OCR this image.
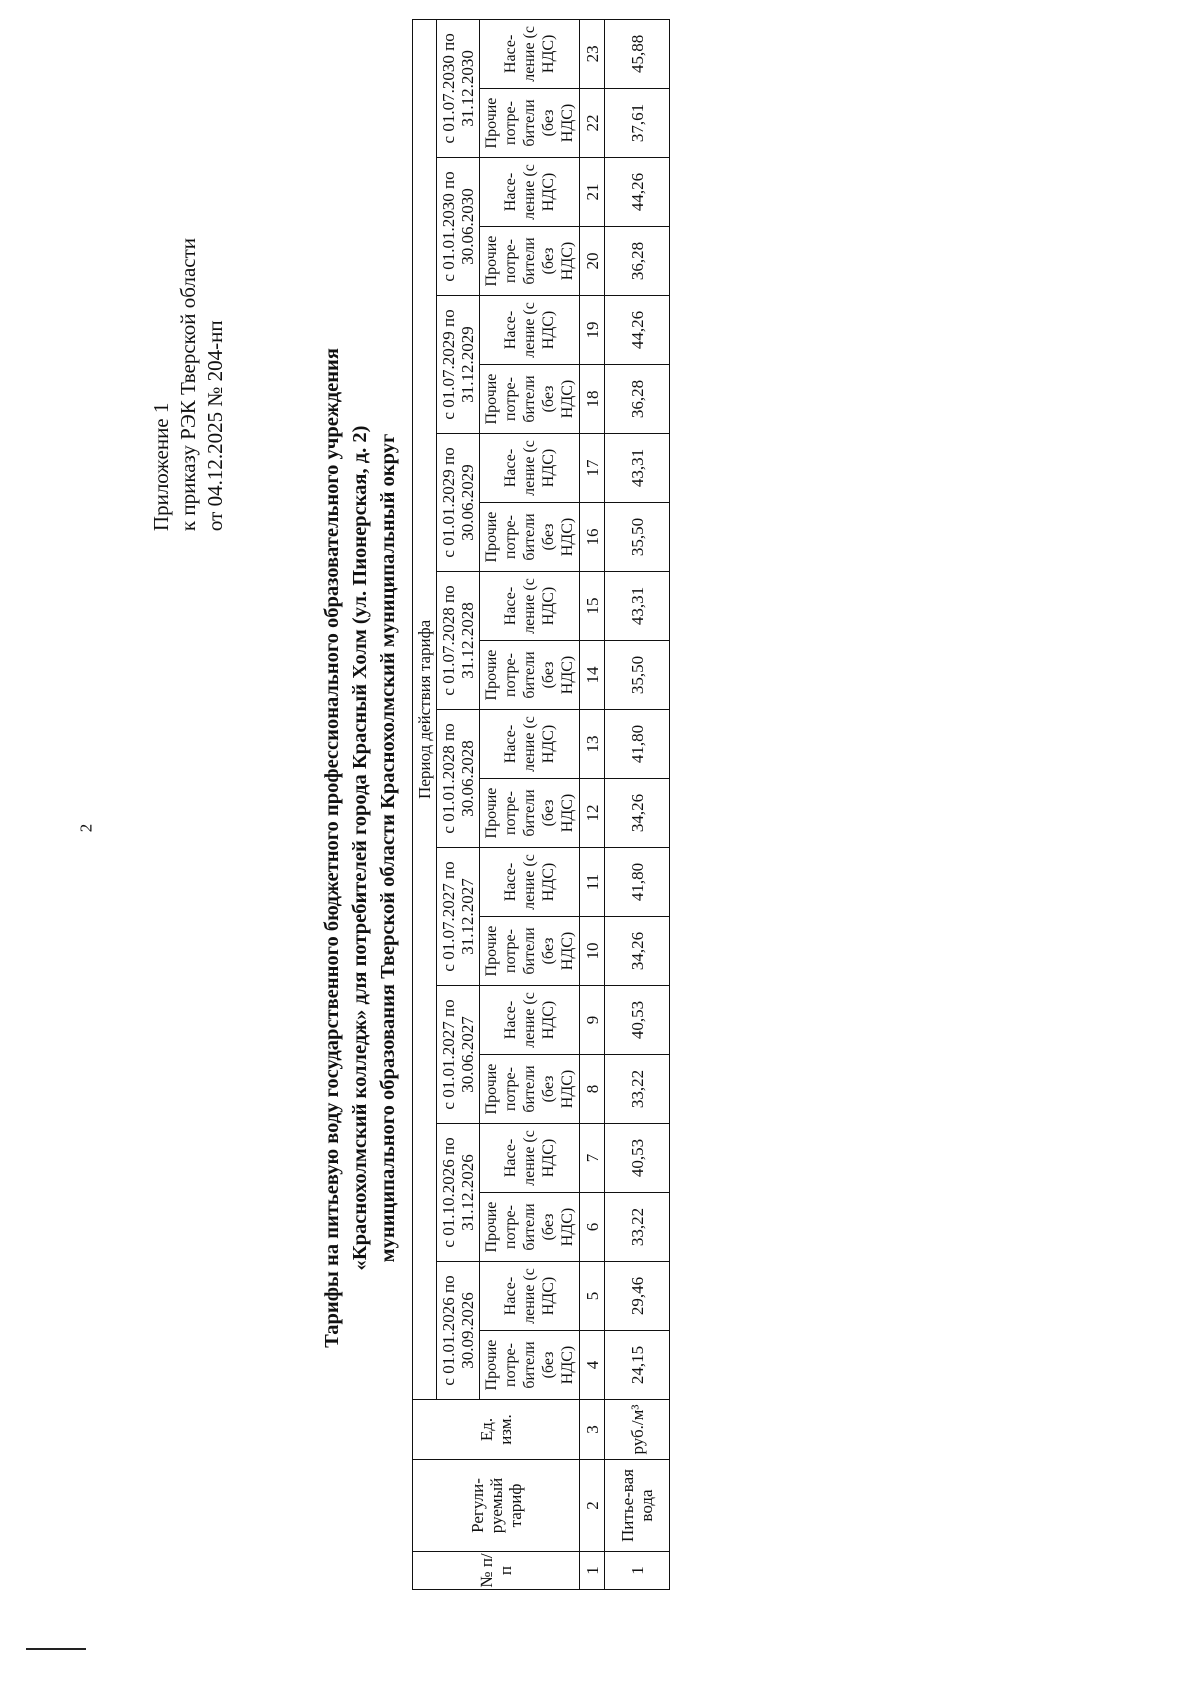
2
Приложение 1 к приказу РЭК Тверской области от 04.12.2025 № 204-нп	Тарифы на питьевую воду государственного бюджетного профессионального образовательного учреждения «Краснохолмский колледж» для потребителей города Красный Холм (ул. Пионерская, д. 2) муниципального образования Тверской области Краснохолмский муниципальный округ
№ п/п	Регули-руемый тариф	Ед. изм.	Период действия тарифа																			
			с 01.01.2026 по 30.09.2026		с 01.10.2026 по 31.12.2026		с 01.01.2027 по 30.06.2027		с 01.07.2027 по 31.12.2027		с 01.01.2028 по 30.06.2028		с 01.07.2028 по 31.12.2028		с 01.01.2029 по 30.06.2029		с 01.07.2029 по 31.12.2029		с 01.01.2030 по 30.06.2030		с 01.07.2030 по 31.12.2030	
			Прочие потре-бители (без НДС)	Насе-ление (с НДС)	Прочие потре-бители (без НДС)	Насе-ление (с НДС)	Прочие потре-бители (без НДС)	Насе-ление (с НДС)	Прочие потре-бители (без НДС)	Насе-ление (с НДС)	Прочие потре-бители (без НДС)	Насе-ление (с НДС)	Прочие потре-бители (без НДС)	Насе-ление (с НДС)	Прочие потре-бители (без НДС)	Насе-ление (с НДС)	Прочие потре-бители (без НДС)	Насе-ление (с НДС)	Прочие потре-бители (без НДС)	Насе-ление (с НДС)	Прочие потре-бители (без НДС)	Насе-ление (с НДС)
1	2	3	4	5	6	7	8	9	10	11	12	13	14	15	16	17	18	19	20	21	22	23
1	Питье-вая вода	руб./м³	24,15	29,46	33,22	40,53	33,22	40,53	34,26	41,80	34,26	41,80	35,50	43,31	35,50	43,31	36,28	44,26	36,28	44,26	37,61	45,88
